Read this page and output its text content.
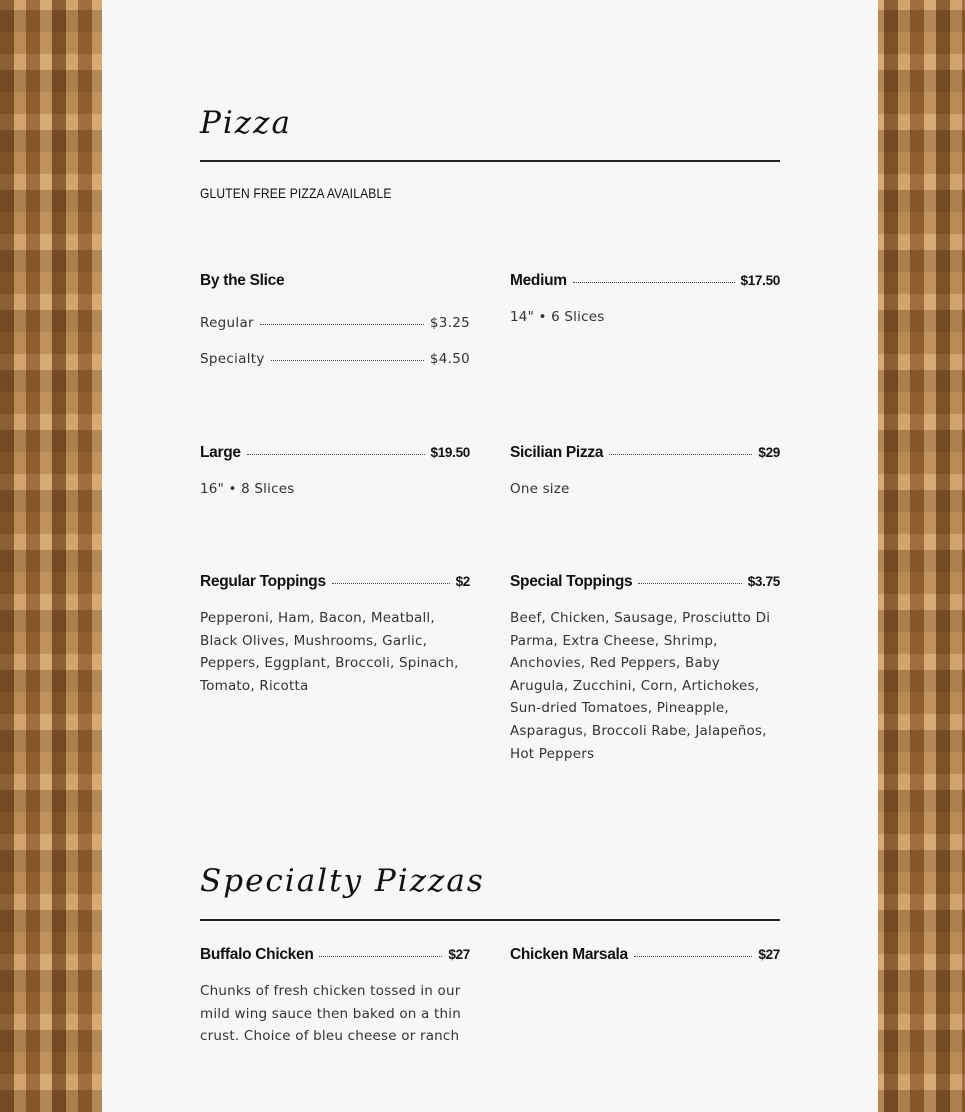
Pizza
GLUTEN FREE PIZZA AVAILABLE
By the Slice
Regular	$3.25
Specialty	$4.50
Medium	$17.50
14" • 6 Slices
Large	$19.50
16" • 8 Slices
Sicilian Pizza	$29
One size
Regular Toppings	$2
Pepperoni, Ham, Bacon, Meatball, Black Olives, Mushrooms, Garlic, Peppers, Eggplant, Broccoli, Spinach, Tomato, Ricotta
Special Toppings	$3.75
Beef, Chicken, Sausage, Prosciutto Di Parma, Extra Cheese, Shrimp, Anchovies, Red Peppers, Baby Arugula, Zucchini, Corn, Artichokes, Sun-dried Tomatoes, Pineapple, Asparagus, Broccoli Rabe, Jalapeños, Hot Peppers
Specialty Pizzas
Buffalo Chicken	$27
Chunks of fresh chicken tossed in our mild wing sauce then baked on a thin crust. Choice of bleu cheese or ranch
Chicken Marsala	$27
